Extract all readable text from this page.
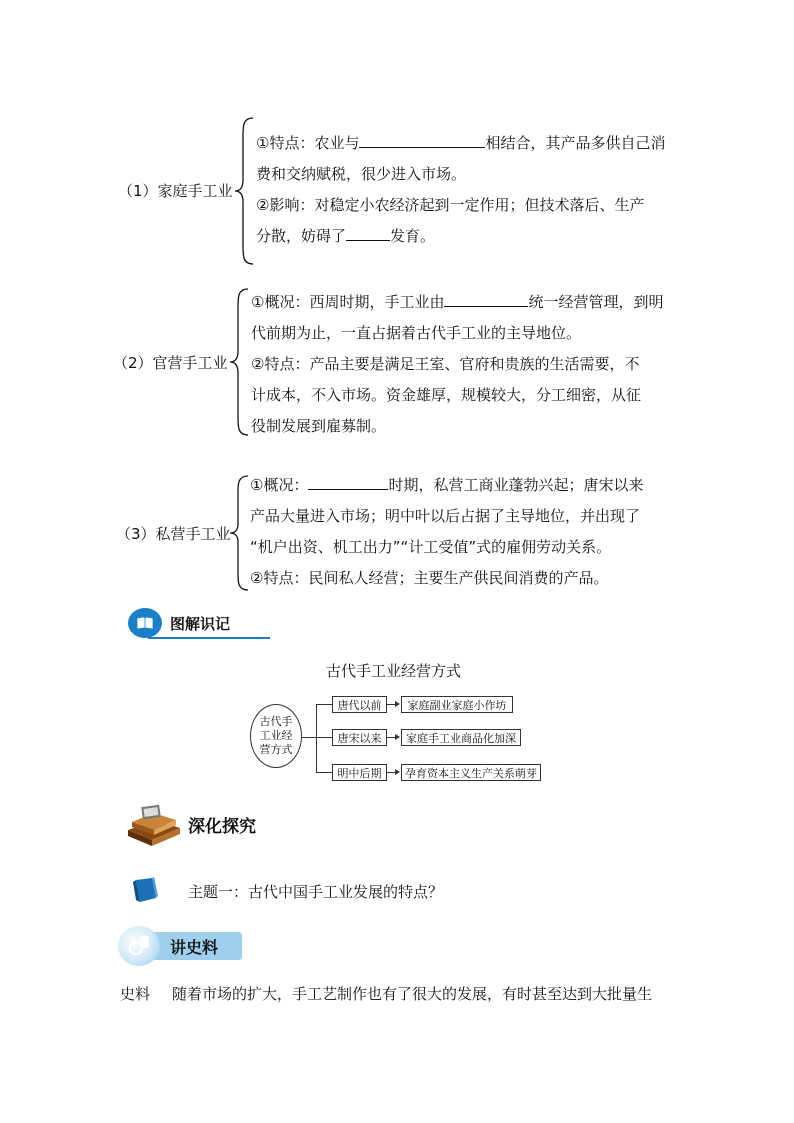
（1）家庭手工业
①特点：农业与	相结合，其产品多供自己消
费和交纳赋税，很少进入市场。
②影响：对稳定小农经济起到一定作用；但技术落后、生产
分散，妨碍了	发育。
（2）官营手工业
①概况：西周时期，手工业由	统一经营管理，到明
代前期为止，一直占据着古代手工业的主导地位。
②特点：产品主要是满足王室、官府和贵族的生活需要，不
计成本，不入市场。资金雄厚，规模较大，分工细密，从征
役制发展到雇募制。
（3）私营手工业
①概况：	时期，私营工商业蓬勃兴起；唐宋以来
产品大量进入市场；明中叶以后占据了主导地位，并出现了
“机户出资、机工出力”“计工受值”式的雇佣劳动关系。
②特点：民间私人经营；主要生产供民间消费的产品。
图解识记
古代手工业经营方式
古代手
工业经
营方式
唐代以前
唐宋以来
明中后期
家庭副业家庭小作坊
家庭手工业商品化加深
孕育资本主义生产关系萌芽
深化探究
主题一：古代中国手工业发展的特点？
讲史料
史料 随着市场的扩大，手工艺制作也有了很大的发展，有时甚至达到大批量生
